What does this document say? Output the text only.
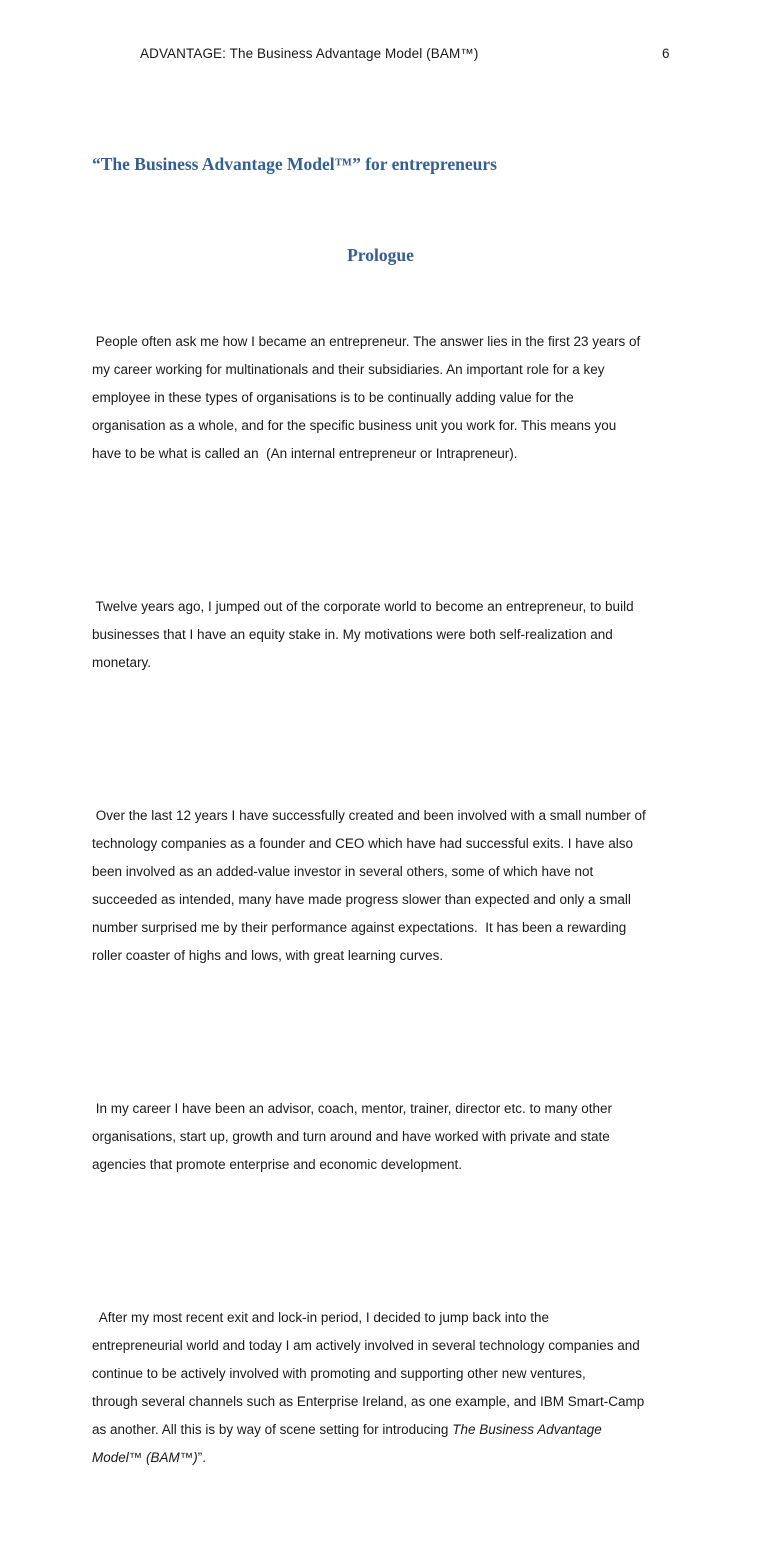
ADVANTAGE: The Business Advantage Model (BAM™)	6
“The Business Advantage Model™” for entrepreneurs
Prologue

People often ask me how I became an entrepreneur. The answer lies in the first 23 years of
my career working for multinationals and their subsidiaries. An important role for a key
employee in these types of organisations is to be continually adding value for the
organisation as a whole, and for the specific business unit you work for. This means you
have to be what is called an  (An internal entrepreneur or Intrapreneur).

Twelve years ago, I jumped out of the corporate world to become an entrepreneur, to build
businesses that I have an equity stake in. My motivations were both self-realization and
monetary.

Over the last 12 years I have successfully created and been involved with a small number of
technology companies as a founder and CEO which have had successful exits. I have also
been involved as an added-value investor in several others, some of which have not
succeeded as intended, many have made progress slower than expected and only a small
number surprised me by their performance against expectations.  It has been a rewarding
roller coaster of highs and lows, with great learning curves.

In my career I have been an advisor, coach, mentor, trainer, director etc. to many other
organisations, start up, growth and turn around and have worked with private and state
agencies that promote enterprise and economic development.

After my most recent exit and lock-in period, I decided to jump back into the
entrepreneurial world and today I am actively involved in several technology companies and
continue to be actively involved with promoting and supporting other new ventures,
through several channels such as Enterprise Ireland, as one example, and IBM Smart-Camp
as another. All this is by way of scene setting for introducing The Business Advantage
Model™ (BAM™)”.
